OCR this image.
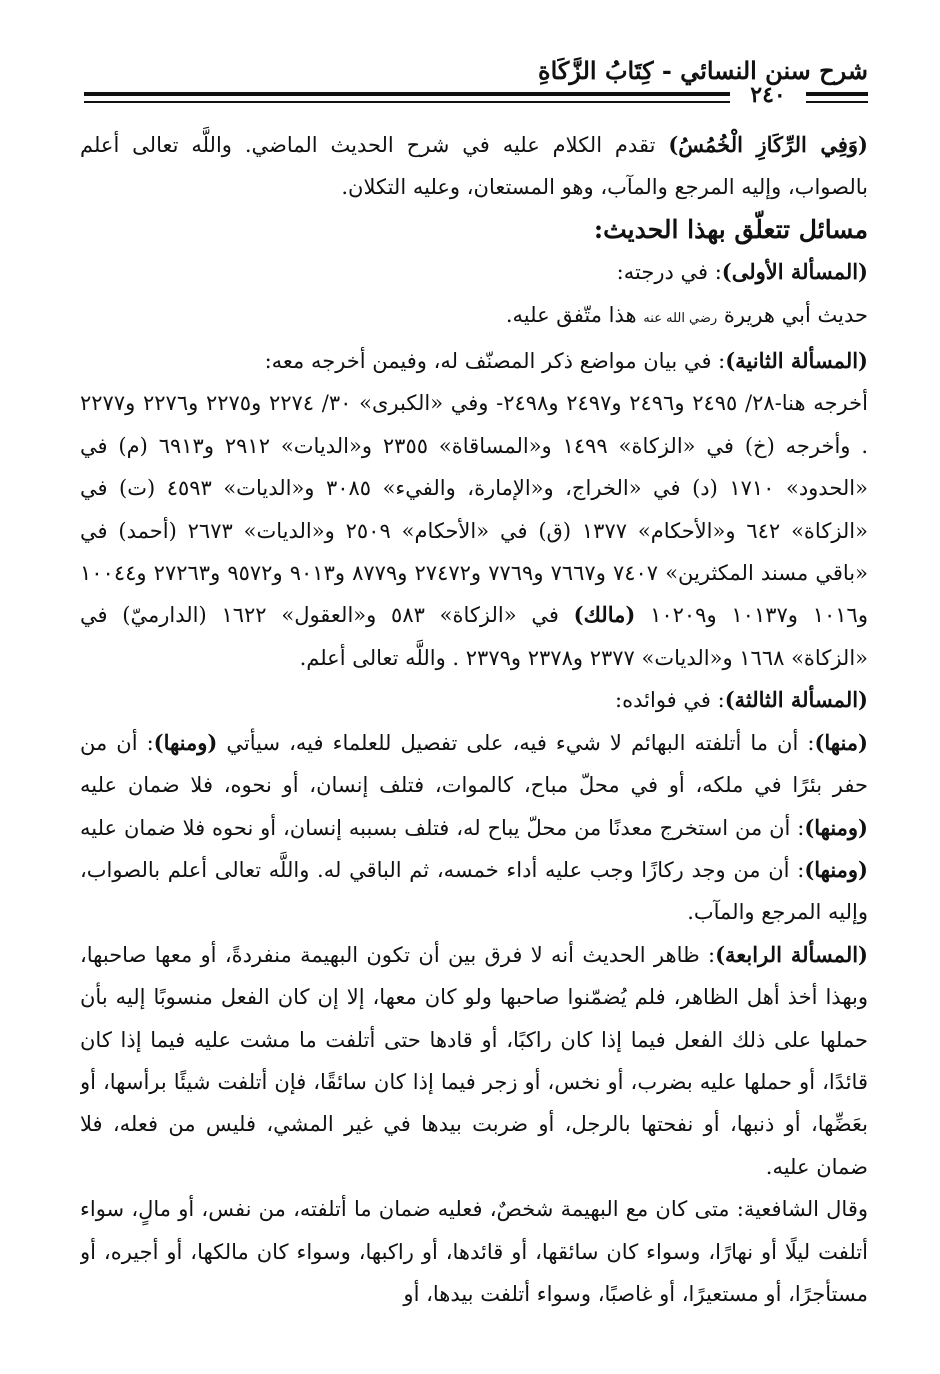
شرح سنن النسائي - كِتَابُ الزَّكَاةِ
٢٤٠

(وَفِي الرِّكَازِ الْخُمُسُ) تقدم الكلام عليه في شرح الحديث الماضي. واللَّه تعالى أعلم بالصواب، وإليه المرجع والمآب، وهو المستعان، وعليه التكلان.

مسائل تتعلّق بهذا الحديث:

(المسألة الأولى): في درجته:

حديث أبي هريرة رضي الله عنه هذا متّفق عليه.

(المسألة الثانية): في بيان مواضع ذكر المصنّف له، وفيمن أخرجه معه:

أخرجه هنا-٢٨/ ٢٤٩٥ و٢٤٩٦ و٢٤٩٧ و٢٤٩٨- وفي «الكبرى» ٣٠/ ٢٢٧٤ و٢٢٧٥ و٢٢٧٦ و٢٢٧٧ . وأخرجه (خ) في «الزكاة» ١٤٩٩ و«المساقاة» ٢٣٥٥ و«الديات» ٢٩١٢ و٦٩١٣ (م) في «الحدود» ١٧١٠ (د) في «الخراج، و«الإمارة، والفيء» ٣٠٨٥ و«الديات» ٤٥٩٣ (ت) في «الزكاة» ٦٤٢ و«الأحكام» ١٣٧٧ (ق) في «الأحكام» ٢٥٠٩ و«الديات» ٢٦٧٣ (أحمد) في «باقي مسند المكثرين» ٧٤٠٧ و٧٦٦٧ و٧٧٦٩ و٢٧٤٧٢ و٨٧٧٩ و٩٠١٣ و٩٥٧٢ و٢٧٢٦٣ و١٠٠٤٤ و١٠١٦ و١٠١٣٧ و١٠٢٠٩ (مالك) في «الزكاة» ٥٨٣ و«العقول» ١٦٢٢ (الدارميّ) في «الزكاة» ١٦٦٨ و«الديات» ٢٣٧٧ و٢٣٧٨ و٢٣٧٩ . واللَّه تعالى أعلم.

(المسألة الثالثة): في فوائده:

(منها): أن ما أتلفته البهائم لا شيء فيه، على تفصيل للعلماء فيه، سيأتي (ومنها): أن من حفر بئرًا في ملكه، أو في محلّ مباح، كالموات، فتلف إنسان، أو نحوه، فلا ضمان عليه (ومنها): أن من استخرج معدنًا من محلّ يباح له، فتلف بسببه إنسان، أو نحوه فلا ضمان عليه (ومنها): أن من وجد ركازًا وجب عليه أداء خمسه، ثم الباقي له. واللَّه تعالى أعلم بالصواب، وإليه المرجع والمآب.

(المسألة الرابعة): ظاهر الحديث أنه لا فرق بين أن تكون البهيمة منفردةً، أو معها صاحبها، وبهذا أخذ أهل الظاهر، فلم يُضمّنوا صاحبها ولو كان معها، إلا إن كان الفعل منسوبًا إليه بأن حملها على ذلك الفعل فيما إذا كان راكبًا، أو قادها حتى أتلفت ما مشت عليه فيما إذا كان قائدًا، أو حملها عليه بضرب، أو نخس، أو زجر فيما إذا كان سائقًا، فإن أتلفت شيئًا برأسها، أو بعَضِّها، أو ذنبها، أو نفحتها بالرجل، أو ضربت بيدها في غير المشي، فليس من فعله، فلا ضمان عليه.

وقال الشافعية: متى كان مع البهيمة شخصٌ، فعليه ضمان ما أتلفته، من نفس، أو مالٍ، سواء أتلفت ليلًا أو نهارًا، وسواء كان سائقها، أو قائدها، أو راكبها، وسواء كان مالكها، أو أجيره، أو مستأجرًا، أو مستعيرًا، أو غاصبًا، وسواء أتلفت بيدها، أو
